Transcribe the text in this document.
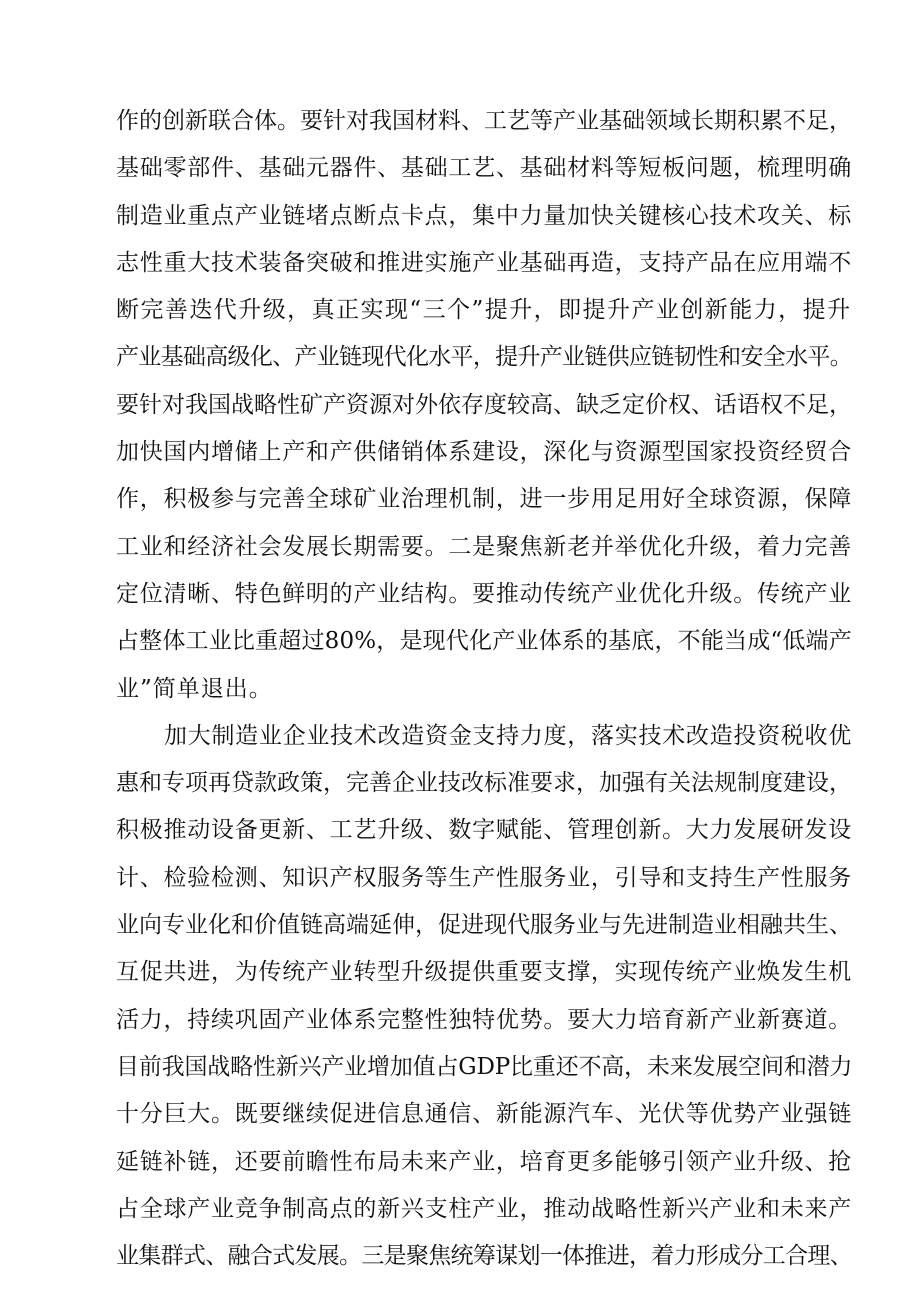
作的创新联合体。要针对我国材料、工艺等产业基础领域长期积累不足，
基础零部件、基础元器件、基础工艺、基础材料等短板问题，梳理明确
制造业重点产业链堵点断点卡点，集中力量加快关键核心技术攻关、标
志性重大技术装备突破和推进实施产业基础再造，支持产品在应用端不
断完善迭代升级，真正实现“三个”提升，即提升产业创新能力，提升
产业基础高级化、产业链现代化水平，提升产业链供应链韧性和安全水平。
要针对我国战略性矿产资源对外依存度较高、缺乏定价权、话语权不足，
加快国内增储上产和产供储销体系建设，深化与资源型国家投资经贸合
作，积极参与完善全球矿业治理机制，进一步用足用好全球资源，保障
工业和经济社会发展长期需要。二是聚焦新老并举优化升级，着力完善
定位清晰、特色鲜明的产业结构。要推动传统产业优化升级。传统产业
占整体工业比重超过80%，是现代化产业体系的基底，不能当成“低端产
业”简单退出。
加大制造业企业技术改造资金支持力度，落实技术改造投资税收优
惠和专项再贷款政策，完善企业技改标准要求，加强有关法规制度建设，
积极推动设备更新、工艺升级、数字赋能、管理创新。大力发展研发设
计、检验检测、知识产权服务等生产性服务业，引导和支持生产性服务
业向专业化和价值链高端延伸，促进现代服务业与先进制造业相融共生、
互促共进，为传统产业转型升级提供重要支撑，实现传统产业焕发生机
活力，持续巩固产业体系完整性独特优势。要大力培育新产业新赛道。
目前我国战略性新兴产业增加值占GDP比重还不高，未来发展空间和潜力
十分巨大。既要继续促进信息通信、新能源汽车、光伏等优势产业强链
延链补链，还要前瞻性布局未来产业，培育更多能够引领产业升级、抢
占全球产业竞争制高点的新兴支柱产业，推动战略性新兴产业和未来产
业集群式、融合式发展。三是聚焦统筹谋划一体推进，着力形成分工合理、
